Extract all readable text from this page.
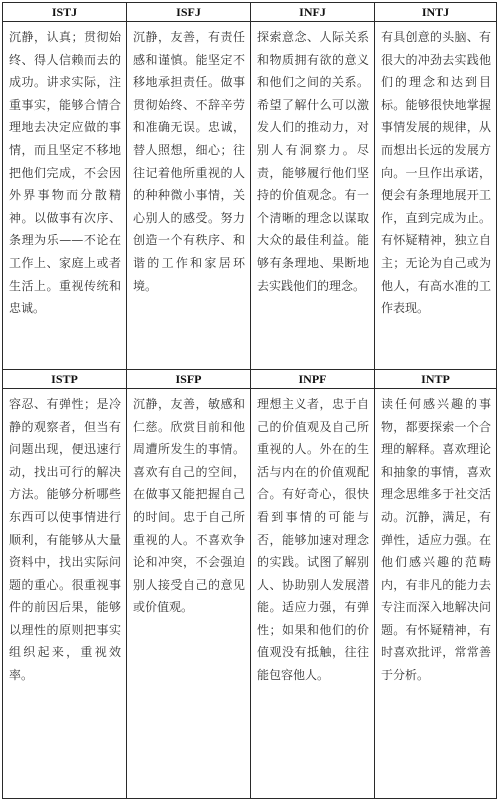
ISTJ	ISFJ	INFJ	INTJ

沉静，认真；贯彻始终、得人信赖而去的成功。讲求实际，注重事实，能够合情合理地去决定应做的事情，而且坚定不移地把他们完成，不会因外界事物而分散精神。以做事有次序、条理为乐——不论在工作上、家庭上或者生活上。重视传统和忠诚。	沉静，友善，有责任感和谨慎。能坚定不移地承担责任。做事贯彻始终、不辞辛劳和准确无误。忠诚，替人照想，细心；往往记着他所重视的人的种种微小事情，关心别人的感受。努力创造一个有秩序、和谐的工作和家居环境。	探索意念、人际关系和物质拥有欲的意义和他们之间的关系。希望了解什么可以激发人们的推动力，对别人有洞察力。尽责，能够履行他们坚持的价值观念。有一个清晰的理念以谋取大众的最佳利益。能够有条理地、果断地去实践他们的理念。	有具创意的头脑、有很大的冲劲去实践他们的理念和达到目标。能够很快地掌握事情发展的规律，从而想出长远的发展方向。一旦作出承诺，便会有条理地展开工作，直到完成为止。有怀疑精神，独立自主；无论为自己或为他人，有高水准的工作表现。

ISTP	ISFP	INPF	INTP

容忍、有弹性；是冷静的观察者，但当有问题出现，便迅速行动，找出可行的解决方法。能够分析哪些东西可以使事情进行顺利，有能够从大量资料中，找出实际问题的重心。很重视事件的前因后果，能够以理性的原则把事实组织起来，重视效率。	沉静，友善，敏感和仁慈。欣赏目前和他周遭所发生的事情。喜欢有自己的空间，在做事又能把握自己的时间。忠于自己所重视的人。不喜欢争论和冲突，不会强迫别人接受自己的意见或价值观。	理想主义者，忠于自己的价值观及自己所重视的人。外在的生活与内在的价值观配合。有好奇心，很快看到事情的可能与否，能够加速对理念的实践。试图了解别人、协助别人发展潜能。适应力强，有弹性；如果和他们的价值观没有抵触，往往能包容他人。	读任何感兴趣的事物，都要探索一个合理的解释。喜欢理论和抽象的事情，喜欢理念思维多于社交活动。沉静，满足，有弹性，适应力强。在他们感兴趣的范畴内，有非凡的能力去专注而深入地解决问题。有怀疑精神，有时喜欢批评，常常善于分析。
